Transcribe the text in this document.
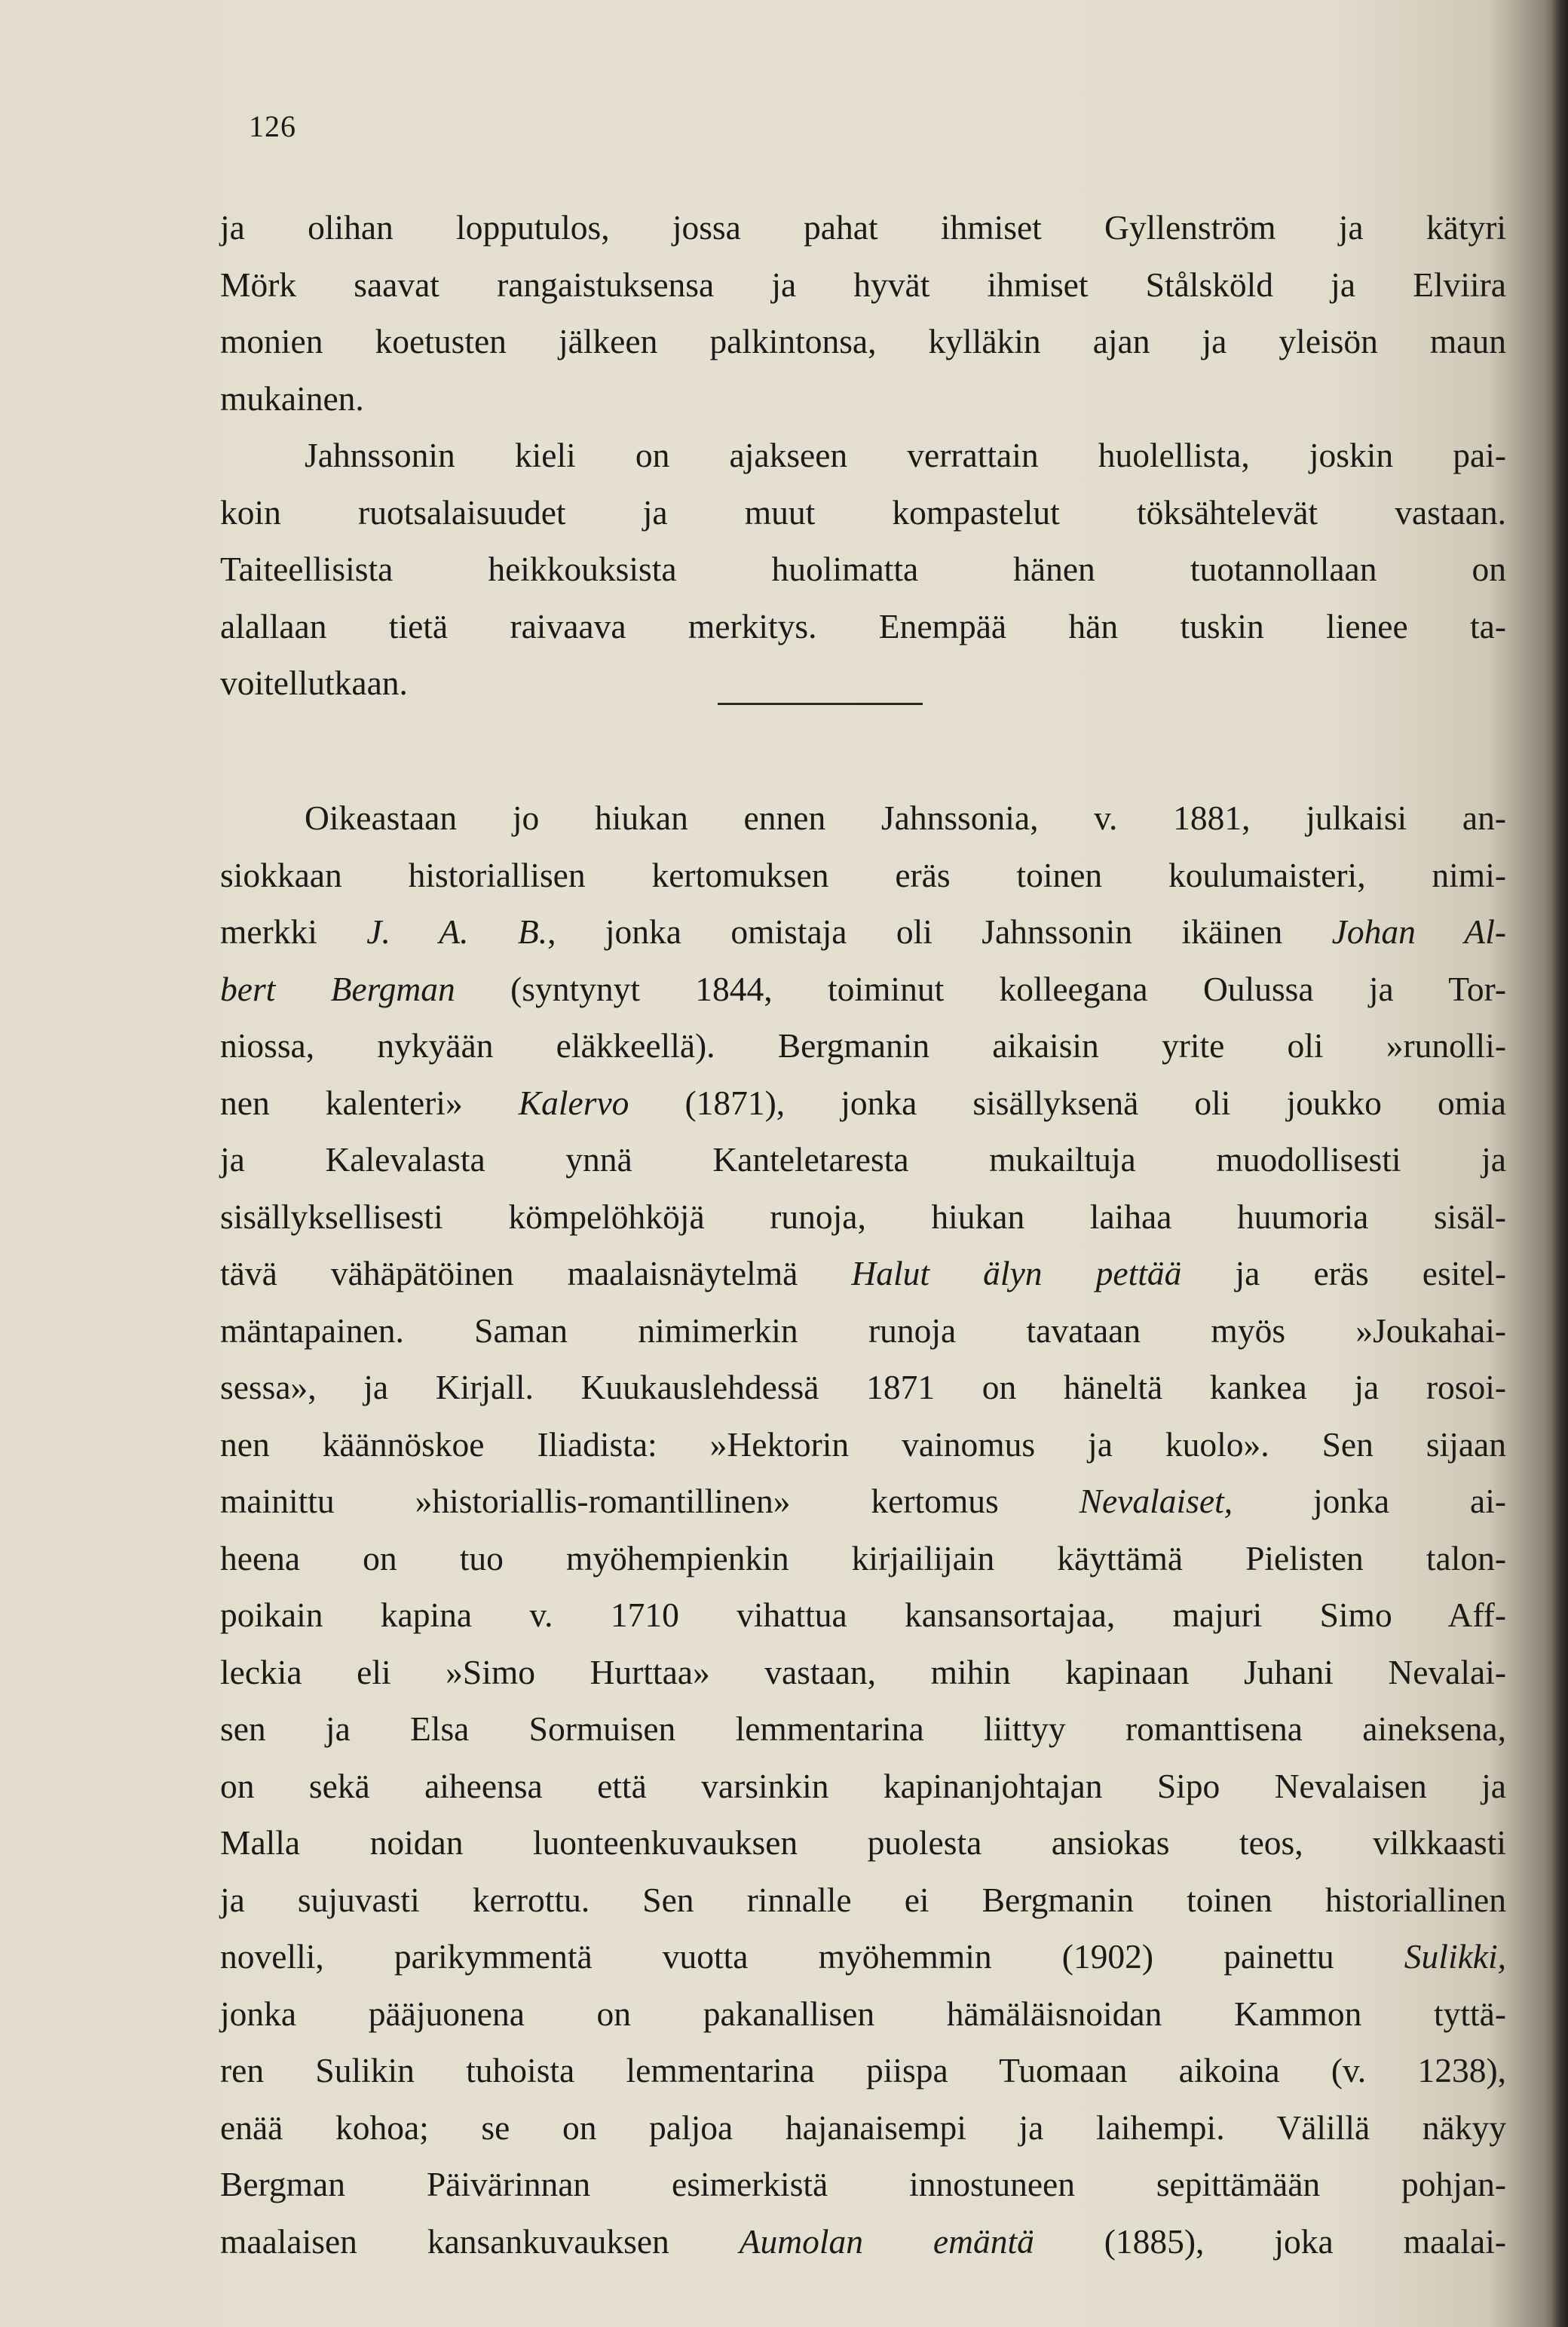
126
ja olihan lopputulos, jossa pahat ihmiset Gyllenström ja kätyri
Mörk saavat rangaistuksensa ja hyvät ihmiset Stålsköld ja Elviira
monien koetusten jälkeen palkintonsa, kylläkin ajan ja yleisön maun
mukainen.
Jahnssonin kieli on ajakseen verrattain huolellista, joskin pai-
koin ruotsalaisuudet ja muut kompastelut töksähtelevät vastaan.
Taiteellisista heikkouksista huolimatta hänen tuotannollaan on
alallaan tietä raivaava merkitys. Enempää hän tuskin lienee ta-
voitellutkaan.
Oikeastaan jo hiukan ennen Jahnssonia, v. 1881, julkaisi an-
siokkaan historiallisen kertomuksen eräs toinen koulumaisteri, nimi-
merkki J. A. B., jonka omistaja oli Jahnssonin ikäinen Johan Al-
bert Bergman (syntynyt 1844, toiminut kolleegana Oulussa ja Tor-
niossa, nykyään eläkkeellä). Bergmanin aikaisin yrite oli »runolli-
nen kalenteri» Kalervo (1871), jonka sisällyksenä oli joukko omia
ja Kalevalasta ynnä Kanteletaresta mukailtuja muodollisesti ja
sisällyksellisesti kömpelöhköjä runoja, hiukan laihaa huumoria sisäl-
tävä vähäpätöinen maalaisnäytelmä Halut älyn pettää ja eräs esitel-
mäntapainen. Saman nimimerkin runoja tavataan myös »Joukahai-
sessa», ja Kirjall. Kuukauslehdessä 1871 on häneltä kankea ja rosoi-
nen käännöskoe Iliadista: »Hektorin vainomus ja kuolo». Sen sijaan
mainittu »historiallis-romantillinen» kertomus Nevalaiset, jonka ai-
heena on tuo myöhempienkin kirjailijain käyttämä Pielisten talon-
poikain kapina v. 1710 vihattua kansansortajaa, majuri Simo Aff-
leckia eli »Simo Hurttaa» vastaan, mihin kapinaan Juhani Nevalai-
sen ja Elsa Sormuisen lemmentarina liittyy romanttisena aineksena,
on sekä aiheensa että varsinkin kapinanjohtajan Sipo Nevalaisen ja
Malla noidan luonteenkuvauksen puolesta ansiokas teos, vilkkaasti
ja sujuvasti kerrottu. Sen rinnalle ei Bergmanin toinen historiallinen
novelli, parikymmentä vuotta myöhemmin (1902) painettu Sulikki,
jonka pääjuonena on pakanallisen hämäläisnoidan Kammon tyttä-
ren Sulikin tuhoista lemmentarina piispa Tuomaan aikoina (v. 1238),
enää kohoa; se on paljoa hajanaisempi ja laihempi. Välillä näkyy
Bergman Päivärinnan esimerkistä innostuneen sepittämään pohjan-
maalaisen kansankuvauksen Aumolan emäntä (1885), joka maalai-
